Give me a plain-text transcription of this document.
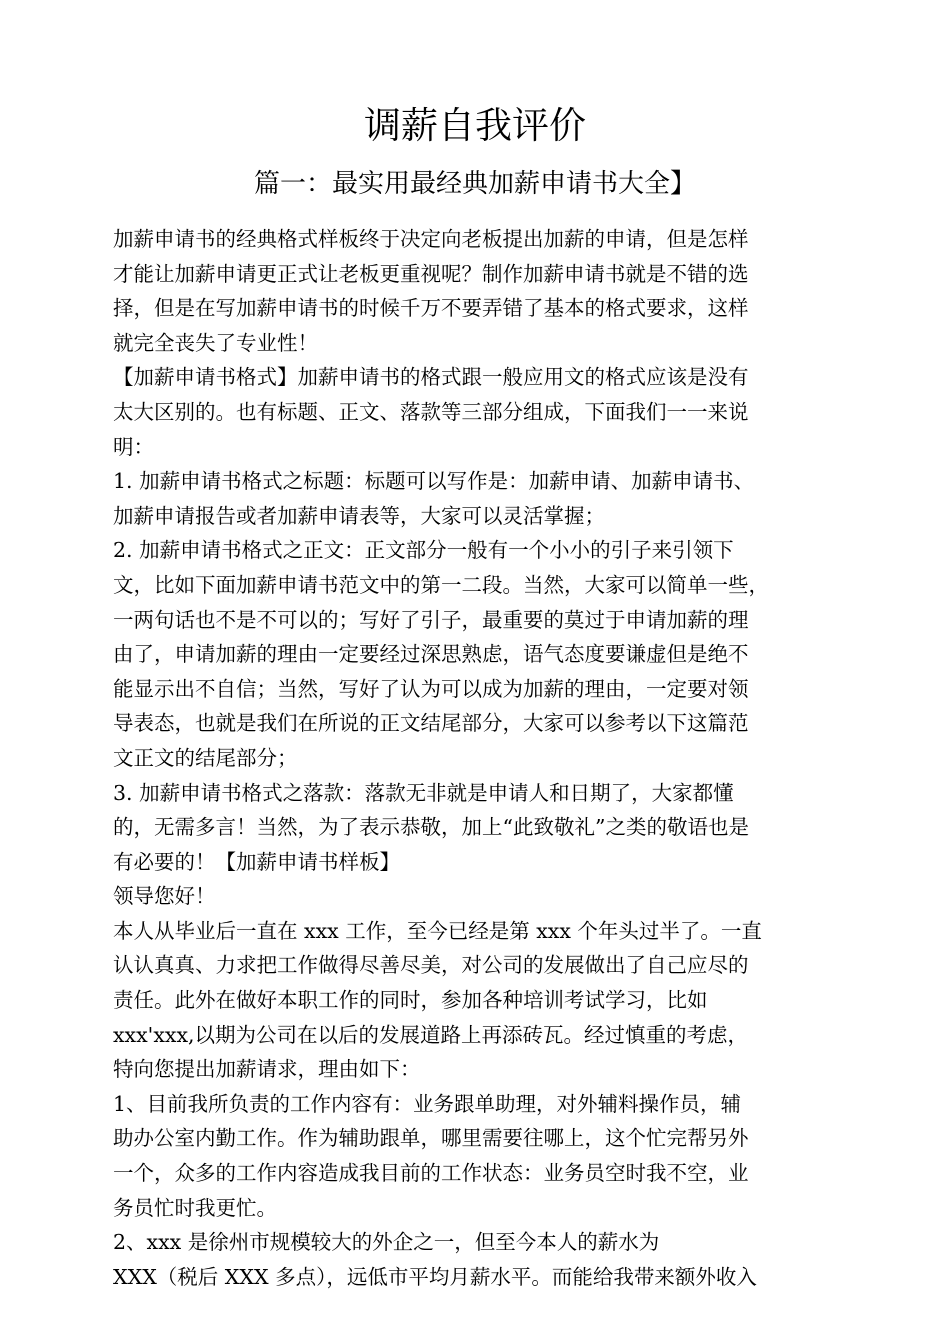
调薪自我评价
篇一：最实用最经典加薪申请书大全】
加薪申请书的经典格式样板终于决定向老板提出加薪的申请，但是怎样
才能让加薪申请更正式让老板更重视呢？制作加薪申请书就是不错的选
择，但是在写加薪申请书的时候千万不要弄错了基本的格式要求，这样
就完全丧失了专业性！
【加薪申请书格式】加薪申请书的格式跟一般应用文的格式应该是没有
太大区别的。也有标题、正文、落款等三部分组成，下面我们一一来说
明：
1. 加薪申请书格式之标题：标题可以写作是：加薪申请、加薪申请书、
加薪申请报告或者加薪申请表等，大家可以灵活掌握；
2. 加薪申请书格式之正文：正文部分一般有一个小小的引子来引领下
文，比如下面加薪申请书范文中的第一二段。当然，大家可以简单一些，
一两句话也不是不可以的；写好了引子，最重要的莫过于申请加薪的理
由了，申请加薪的理由一定要经过深思熟虑，语气态度要谦虚但是绝不
能显示出不自信；当然，写好了认为可以成为加薪的理由，一定要对领
导表态，也就是我们在所说的正文结尾部分，大家可以参考以下这篇范
文正文的结尾部分；
3. 加薪申请书格式之落款：落款无非就是申请人和日期了，大家都懂
的，无需多言！当然，为了表示恭敬，加上“此致敬礼”之类的敬语也是
有必要的！【加薪申请书样板】
领导您好！
本人从毕业后一直在 xxx 工作，至今已经是第 xxx 个年头过半了。一直
认认真真、力求把工作做得尽善尽美，对公司的发展做出了自己应尽的
责任。此外在做好本职工作的同时，参加各种培训考试学习，比如
xxx'xxx,以期为公司在以后的发展道路上再添砖瓦。经过慎重的考虑，
特向您提出加薪请求，理由如下：
1、目前我所负责的工作内容有：业务跟单助理，对外辅料操作员，辅
助办公室内勤工作。作为辅助跟单，哪里需要往哪上，这个忙完帮另外
一个，众多的工作内容造成我目前的工作状态：业务员空时我不空，业
务员忙时我更忙。
2、xxx 是徐州市规模较大的外企之一，但至今本人的薪水为
XXX（税后 XXX 多点），远低市平均月薪水平。而能给我带来额外收入
